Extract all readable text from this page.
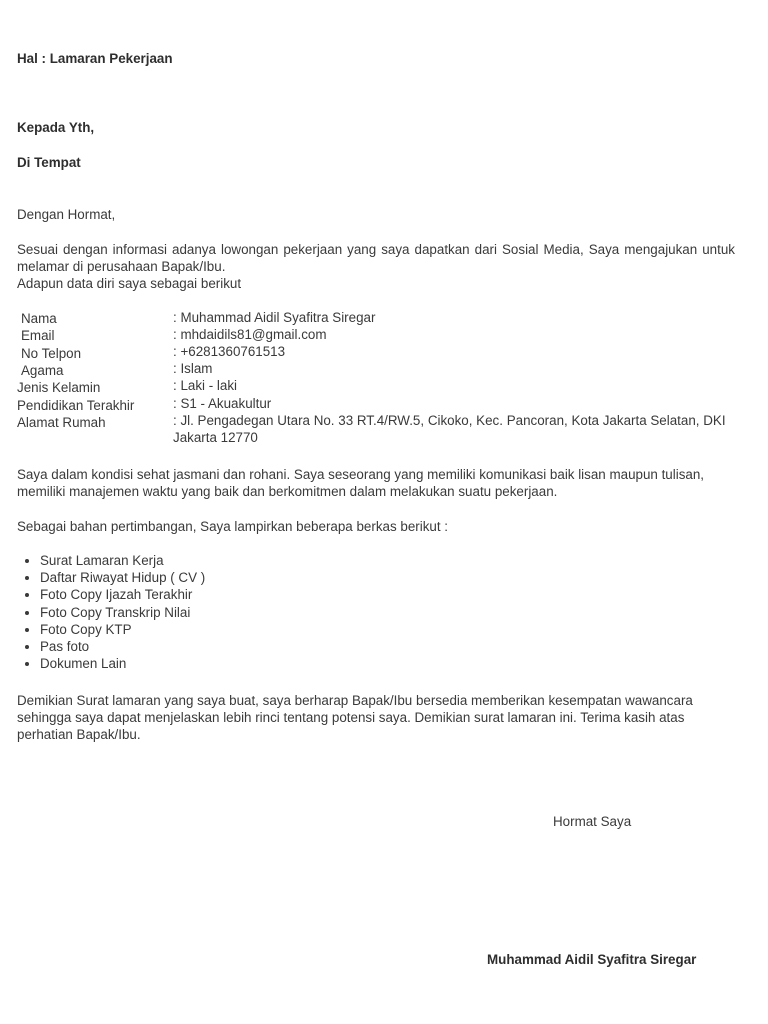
Hal : Lamaran Pekerjaan
Kepada Yth,
Di Tempat
Dengan Hormat,
Sesuai dengan informasi adanya lowongan pekerjaan yang saya dapatkan dari Sosial Media, Saya mengajukan untuk melamar di perusahaan Bapak/Ibu.
Adapun data diri saya sebagai berikut
Nama	: Muhammad Aidil Syafitra Siregar
Email	: mhdaidils81@gmail.com
No Telpon	: +6281360761513
Agama	: Islam
Jenis Kelamin	: Laki - laki
Pendidikan Terakhir	: S1 - Akuakultur
Alamat Rumah	: Jl. Pengadegan Utara No. 33 RT.4/RW.5, Cikoko, Kec. Pancoran, Kota Jakarta Selatan, DKI Jakarta 12770
Saya dalam kondisi sehat jasmani dan rohani. Saya seseorang yang memiliki komunikasi baik lisan maupun tulisan, memiliki manajemen waktu yang baik dan berkomitmen dalam melakukan suatu pekerjaan.
Sebagai bahan pertimbangan, Saya lampirkan beberapa berkas berikut :
• Surat Lamaran Kerja
• Daftar Riwayat Hidup ( CV )
• Foto Copy Ijazah Terakhir
• Foto Copy Transkrip Nilai
• Foto Copy KTP
• Pas foto
• Dokumen Lain
Demikian Surat lamaran yang saya buat, saya berharap Bapak/Ibu bersedia memberikan kesempatan wawancara sehingga saya dapat menjelaskan lebih rinci tentang potensi saya. Demikian surat lamaran ini. Terima kasih atas perhatian Bapak/Ibu.
Hormat Saya
Muhammad Aidil Syafitra Siregar
